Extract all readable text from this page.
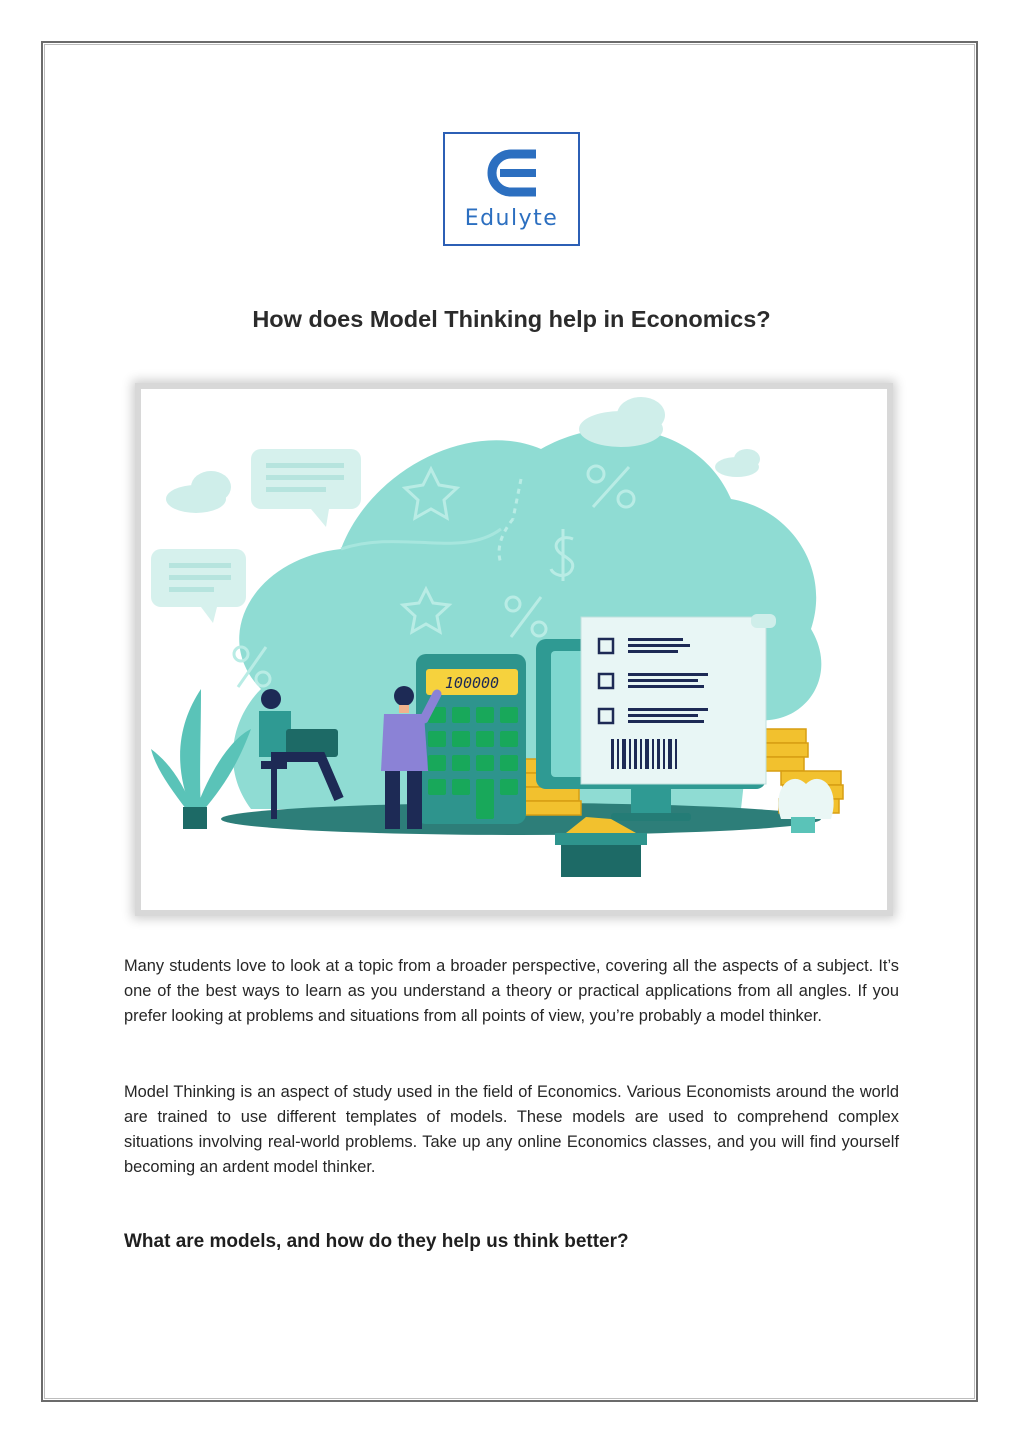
Edulyte
How does Model Thinking help in Economics?
100000

Many students love to look at a topic from a broader perspective, covering all the aspects of a subject. It’s one of the best ways to learn as you understand a theory or practical applications from all angles. If you prefer looking at problems and situations from all points of view, you’re probably a model thinker.

Model Thinking is an aspect of study used in the field of Economics. Various Economists around the world are trained to use different templates of models. These models are used to comprehend complex situations involving real-world problems. Take up any online Economics classes, and you will find yourself becoming an ardent model thinker.

What are models, and how do they help us think better?
